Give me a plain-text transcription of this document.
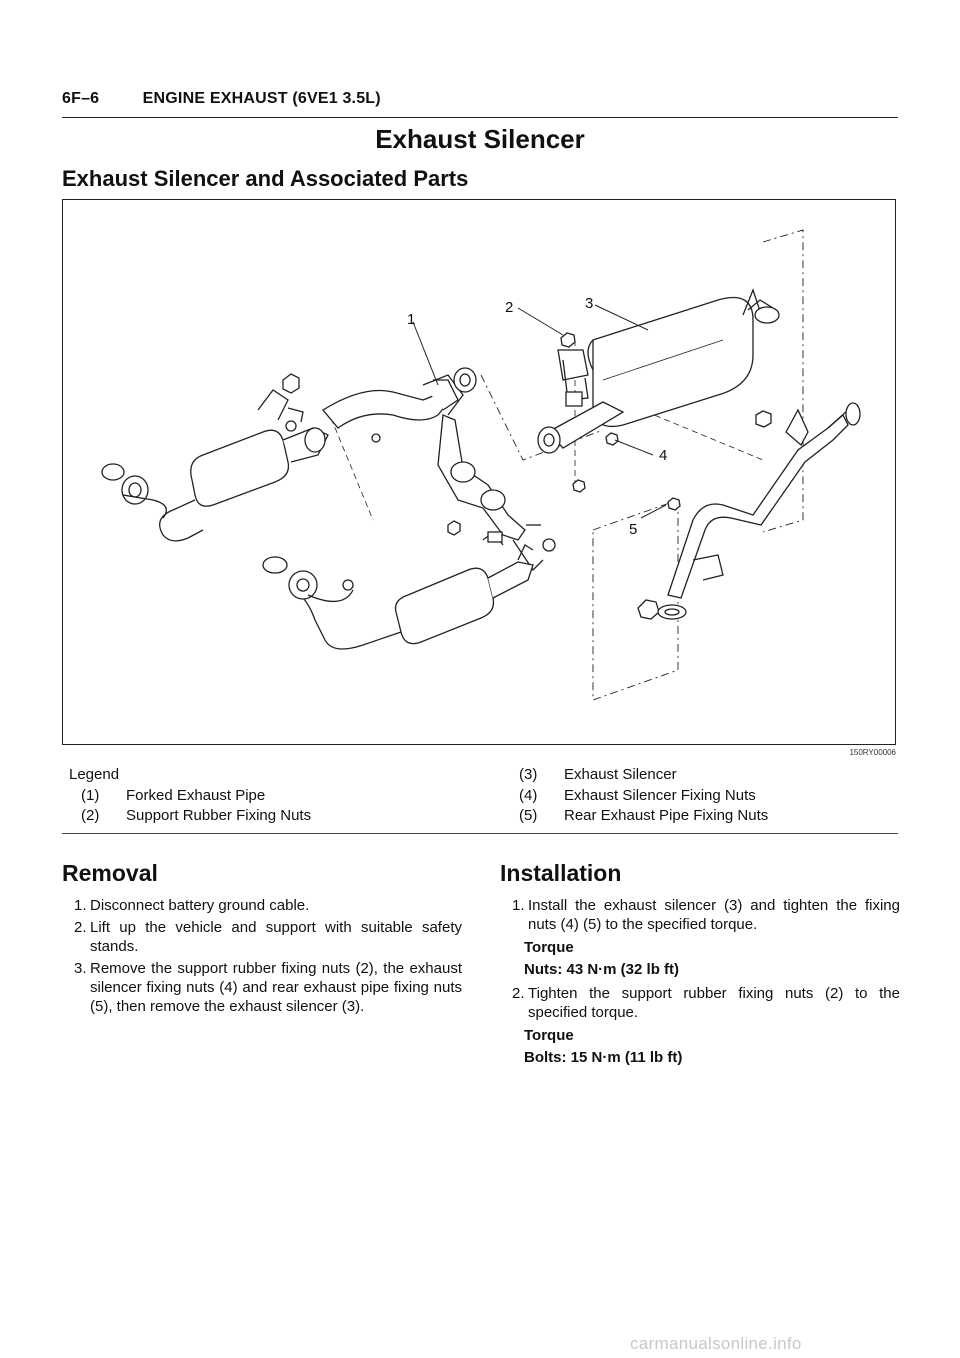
6F–6	ENGINE EXHAUST (6VE1 3.5L)
Exhaust Silencer
Exhaust Silencer and Associated Parts
1
2	3
4
5
150RY00006
Legend
(1)	Forked Exhaust Pipe
(2)	Support Rubber Fixing Nuts
(3)	Exhaust Silencer
(4)	Exhaust Silencer Fixing Nuts
(5)	Rear Exhaust Pipe Fixing Nuts
Removal
1. Disconnect battery ground cable.
2. Lift up the vehicle and support with suitable safety stands.
3. Remove the support rubber fixing nuts (2), the exhaust silencer fixing nuts (4) and rear exhaust pipe fixing nuts (5), then remove the exhaust silencer (3).
Installation
1. Install the exhaust silencer (3) and tighten the fixing nuts (4) (5) to the specified torque.
Torque
Nuts: 43 N·m (32 lb ft)
2. Tighten the support rubber fixing nuts (2) to the specified torque.
Torque
Bolts: 15 N·m (11 lb ft)
carmanualsonline.info
